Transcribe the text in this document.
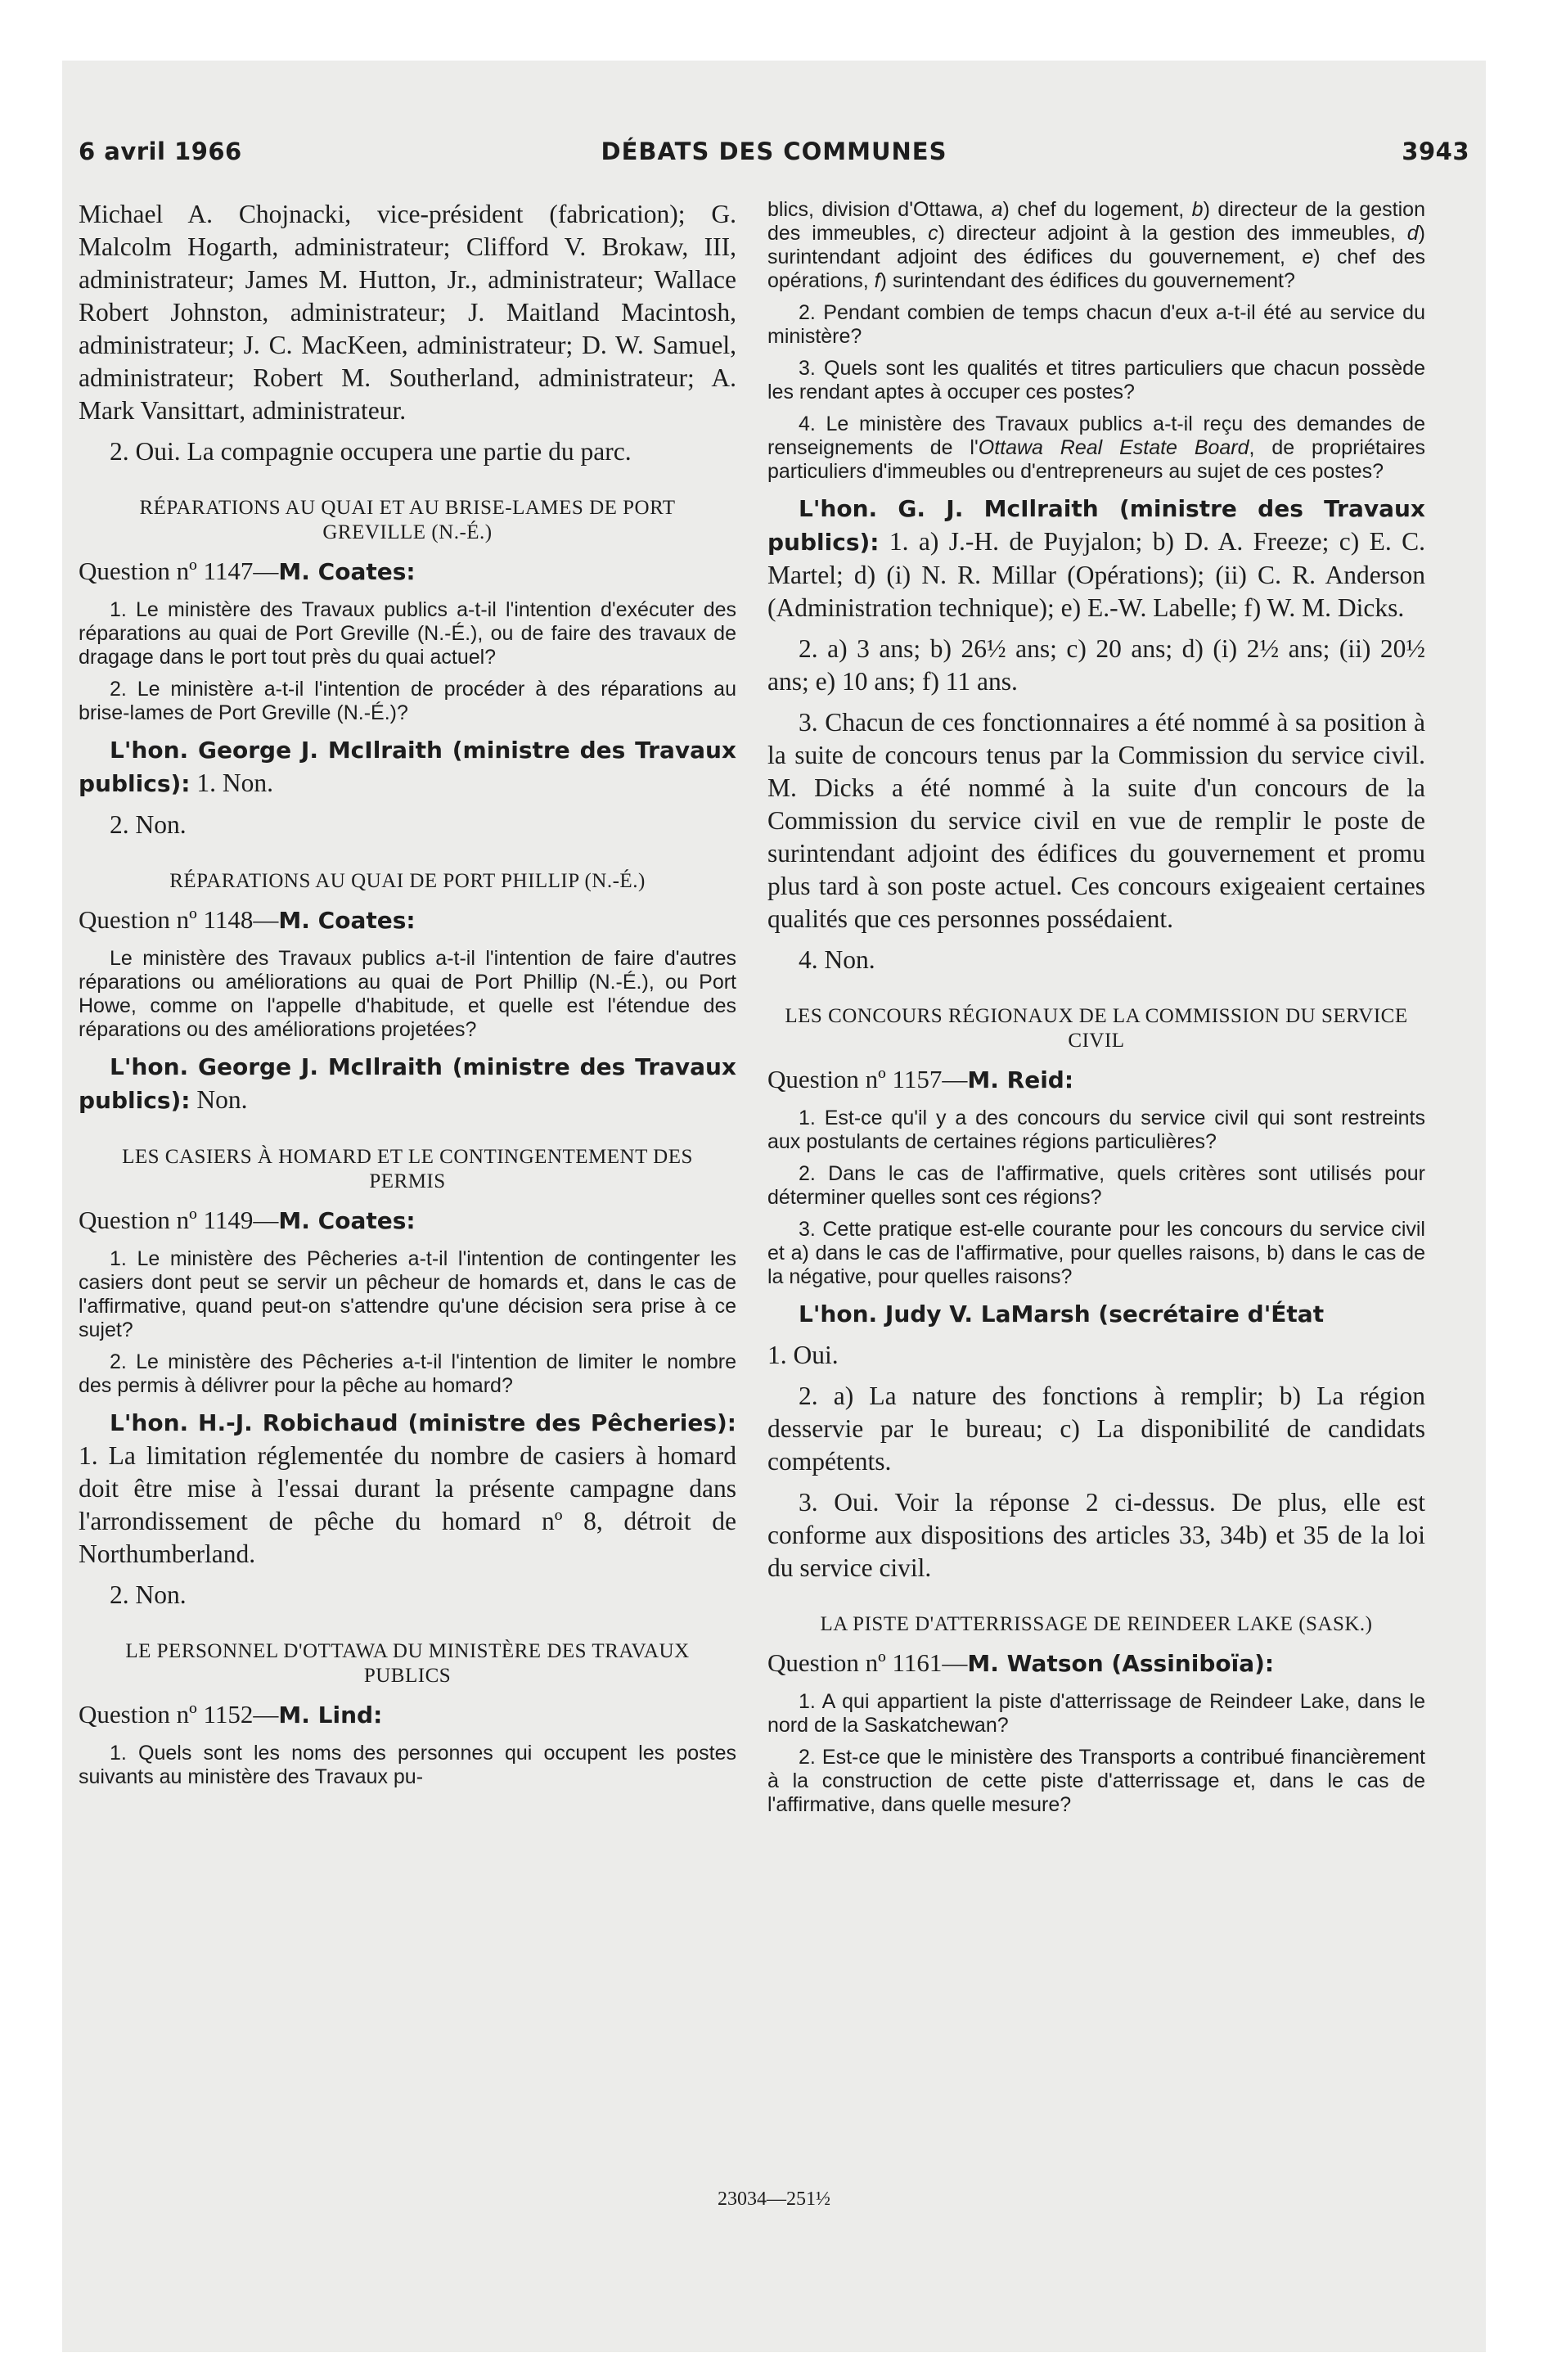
6 avril 1966	DÉBATS DES COMMUNES	3943

Michael A. Chojnacki, vice-président (fabrication); G. Malcolm Hogarth, administrateur; Clifford V. Brokaw, III, administrateur; James M. Hutton, Jr., administrateur; Wallace Robert Johnston, administrateur; J. Maitland Macintosh, administrateur; J. C. MacKeen, administrateur; D. W. Samuel, administrateur; Robert M. Southerland, administrateur; A. Mark Vansittart, administrateur.

2. Oui. La compagnie occupera une partie du parc.

RÉPARATIONS AU QUAI ET AU BRISE-LAMES DE PORT GREVILLE (N.-É.)
Question nº 1147—M. Coates:

1. Le ministère des Travaux publics a-t-il l'intention d'exécuter des réparations au quai de Port Greville (N.-É.), ou de faire des travaux de dragage dans le port tout près du quai actuel?

2. Le ministère a-t-il l'intention de procéder à des réparations au brise-lames de Port Greville (N.-É.)?

L'hon. George J. McIlraith (ministre des Travaux publics): 1. Non.

2. Non.

RÉPARATIONS AU QUAI DE PORT PHILLIP (N.-É.)
Question nº 1148—M. Coates:

Le ministère des Travaux publics a-t-il l'intention de faire d'autres réparations ou améliorations au quai de Port Phillip (N.-É.), ou Port Howe, comme on l'appelle d'habitude, et quelle est l'étendue des réparations ou des améliorations projetées?

L'hon. George J. McIlraith (ministre des Travaux publics): Non.

LES CASIERS À HOMARD ET LE CONTINGENTEMENT DES PERMIS
Question nº 1149—M. Coates:

1. Le ministère des Pêcheries a-t-il l'intention de contingenter les casiers dont peut se servir un pêcheur de homards et, dans le cas de l'affirmative, quand peut-on s'attendre qu'une décision sera prise à ce sujet?

2. Le ministère des Pêcheries a-t-il l'intention de limiter le nombre des permis à délivrer pour la pêche au homard?

L'hon. H.-J. Robichaud (ministre des Pêcheries): 1. La limitation réglementée du nombre de casiers à homard doit être mise à l'essai durant la présente campagne dans l'arrondissement de pêche du homard nº 8, détroit de Northumberland.

2. Non.

LE PERSONNEL D'OTTAWA DU MINISTÈRE DES TRAVAUX PUBLICS
Question nº 1152—M. Lind:

1. Quels sont les noms des personnes qui occupent les postes suivants au ministère des Travaux pu-

blics, division d'Ottawa, a) chef du logement, b) directeur de la gestion des immeubles, c) directeur adjoint à la gestion des immeubles, d) surintendant adjoint des édifices du gouvernement, e) chef des opérations, f) surintendant des édifices du gouvernement?

2. Pendant combien de temps chacun d'eux a-t-il été au service du ministère?

3. Quels sont les qualités et titres particuliers que chacun possède les rendant aptes à occuper ces postes?

4. Le ministère des Travaux publics a-t-il reçu des demandes de renseignements de l'Ottawa Real Estate Board, de propriétaires particuliers d'immeubles ou d'entrepreneurs au sujet de ces postes?

L'hon. G. J. McIlraith (ministre des Travaux publics): 1. a) J.-H. de Puyjalon; b) D. A. Freeze; c) E. C. Martel; d) (i) N. R. Millar (Opérations); (ii) C. R. Anderson (Administration technique); e) E.-W. Labelle; f) W. M. Dicks.

2. a) 3 ans; b) 26½ ans; c) 20 ans; d) (i) 2½ ans; (ii) 20½ ans; e) 10 ans; f) 11 ans.

3. Chacun de ces fonctionnaires a été nommé à sa position à la suite de concours tenus par la Commission du service civil. M. Dicks a été nommé à la suite d'un concours de la Commission du service civil en vue de remplir le poste de surintendant adjoint des édifices du gouvernement et promu plus tard à son poste actuel. Ces concours exigeaient certaines qualités que ces personnes possédaient.

4. Non.

LES CONCOURS RÉGIONAUX DE LA COMMISSION DU SERVICE CIVIL
Question nº 1157—M. Reid:

1. Est-ce qu'il y a des concours du service civil qui sont restreints aux postulants de certaines régions particulières?

2. Dans le cas de l'affirmative, quels critères sont utilisés pour déterminer quelles sont ces régions?

3. Cette pratique est-elle courante pour les concours du service civil et a) dans le cas de l'affirmative, pour quelles raisons, b) dans le cas de la négative, pour quelles raisons?

L'hon. Judy V. LaMarsh (secrétaire d'État

1. Oui.

2. a) La nature des fonctions à remplir; b) La région desservie par le bureau; c) La disponibilité de candidats compétents.

3. Oui. Voir la réponse 2 ci-dessus. De plus, elle est conforme aux dispositions des articles 33, 34b) et 35 de la loi du service civil.

LA PISTE D'ATTERRISSAGE DE REINDEER LAKE (SASK.)
Question nº 1161—M. Watson (Assiniboïa):

1. A qui appartient la piste d'atterrissage de Reindeer Lake, dans le nord de la Saskatchewan?

2. Est-ce que le ministère des Transports a contribué financièrement à la construction de cette piste d'atterrissage et, dans le cas de l'affirmative, dans quelle mesure?

23034—251½
